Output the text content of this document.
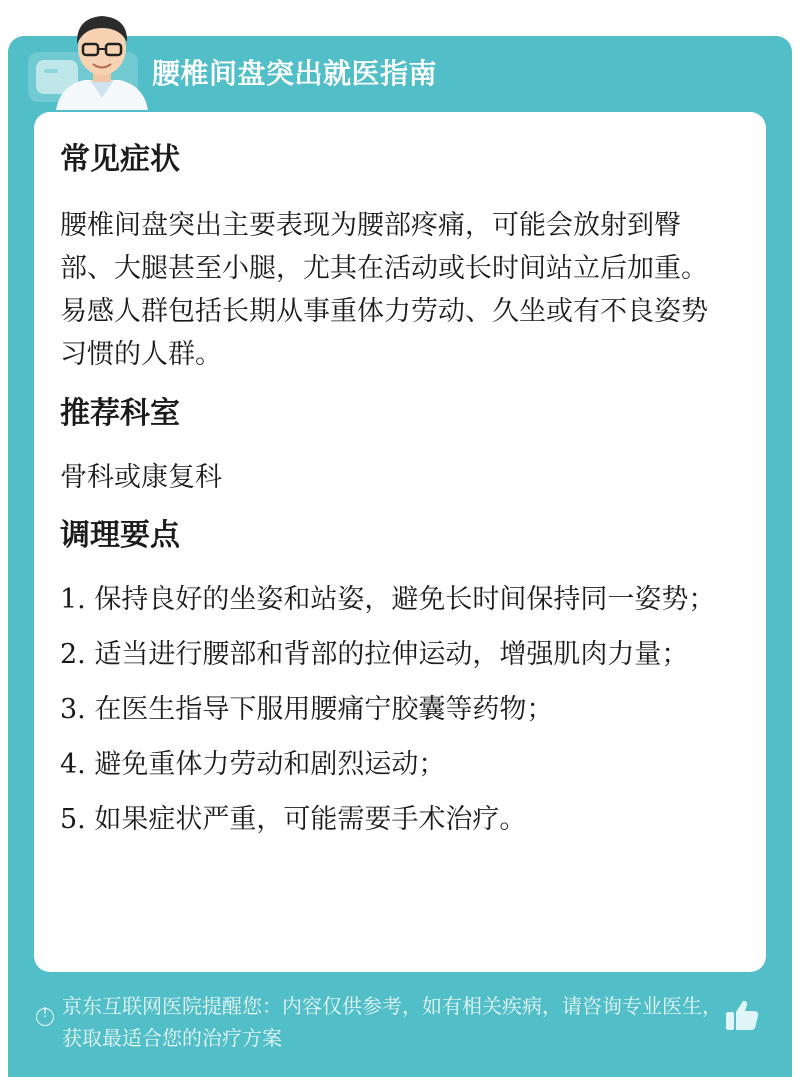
腰椎间盘突出就医指南
常见症状

腰椎间盘突出主要表现为腰部疼痛，可能会放射到臀部、大腿甚至小腿，尤其在活动或长时间站立后加重。易感人群包括长期从事重体力劳动、久坐或有不良姿势习惯的人群。

推荐科室

骨科或康复科

调理要点
1. 保持良好的坐姿和站姿，避免长时间保持同一姿势；
2. 适当进行腰部和背部的拉伸运动，增强肌肉力量；
3. 在医生指导下服用腰痛宁胶囊等药物；
4. 避免重体力劳动和剧烈运动；
5. 如果症状严重，可能需要手术治疗。
!
京东互联网医院提醒您：内容仅供参考，如有相关疾病，请咨询专业医生，获取最适合您的治疗方案
